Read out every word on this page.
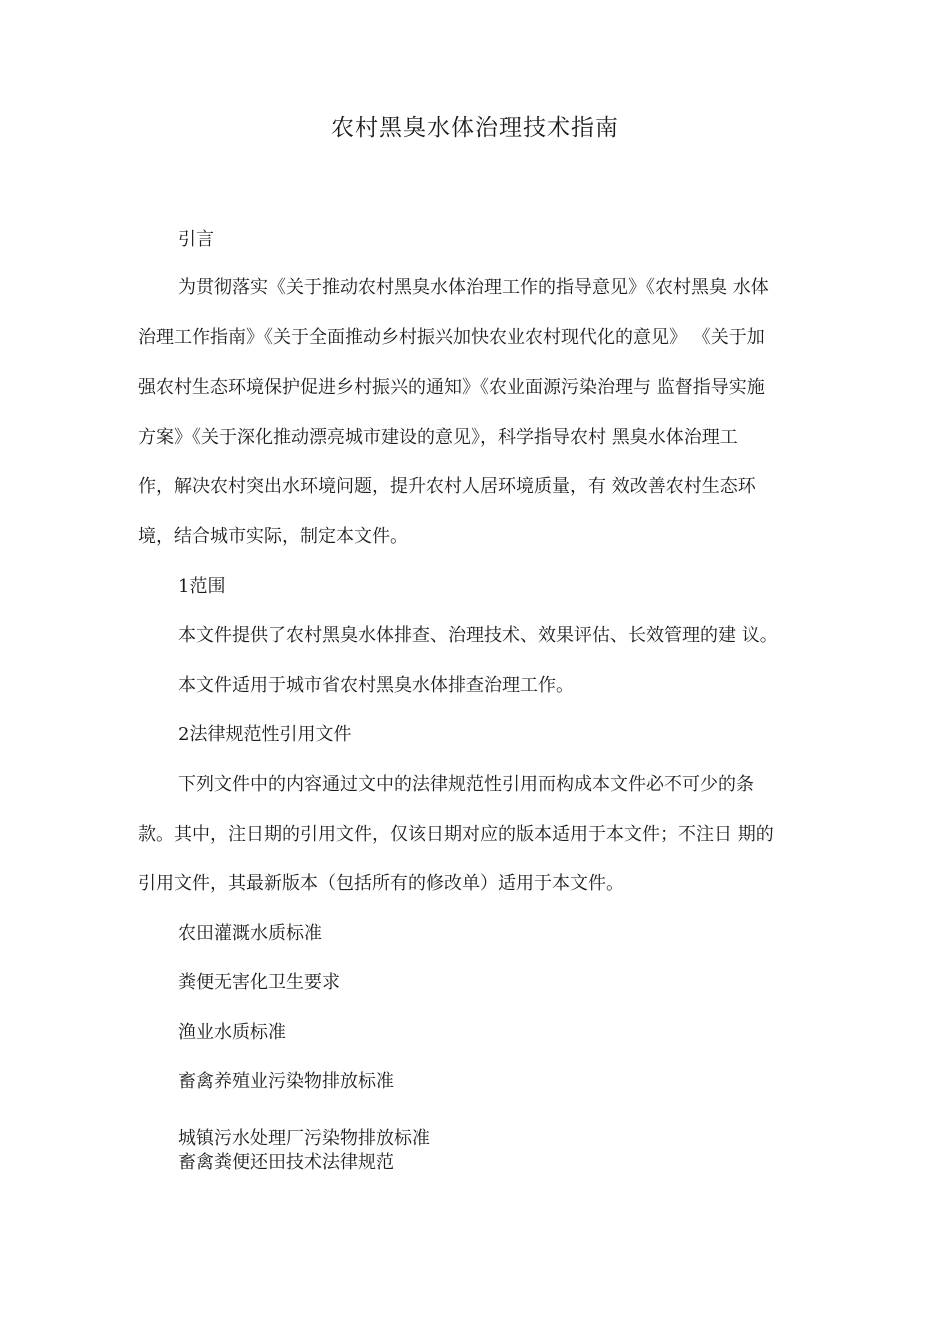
农村黑臭水体治理技术指南
引言
为贯彻落实《关于推动农村黑臭水体治理工作的指导意见》《农村黑臭 水体
治理工作指南》《关于全面推动乡村振兴加快农业农村现代化的意见》 《关于加
强农村生态环境保护促进乡村振兴的通知》《农业面源污染治理与 监督指导实施
方案》《关于深化推动漂亮城市建设的意见》，科学指导农村 黑臭水体治理工
作，解决农村突出水环境问题，提升农村人居环境质量，有 效改善农村生态环
境，结合城市实际，制定本文件。
1范围
本文件提供了农村黑臭水体排查、治理技术、效果评估、长效管理的建 议。
本文件适用于城市省农村黑臭水体排查治理工作。
2法律规范性引用文件
下列文件中的内容通过文中的法律规范性引用而构成本文件必不可少的条
款。其中，注日期的引用文件，仅该日期对应的版本适用于本文件；不注日 期的
引用文件，其最新版本（包括所有的修改单）适用于本文件。
农田灌溉水质标准
粪便无害化卫生要求
渔业水质标准
畜禽养殖业污染物排放标准
城镇污水处理厂污染物排放标准
畜禽粪便还田技术法律规范
